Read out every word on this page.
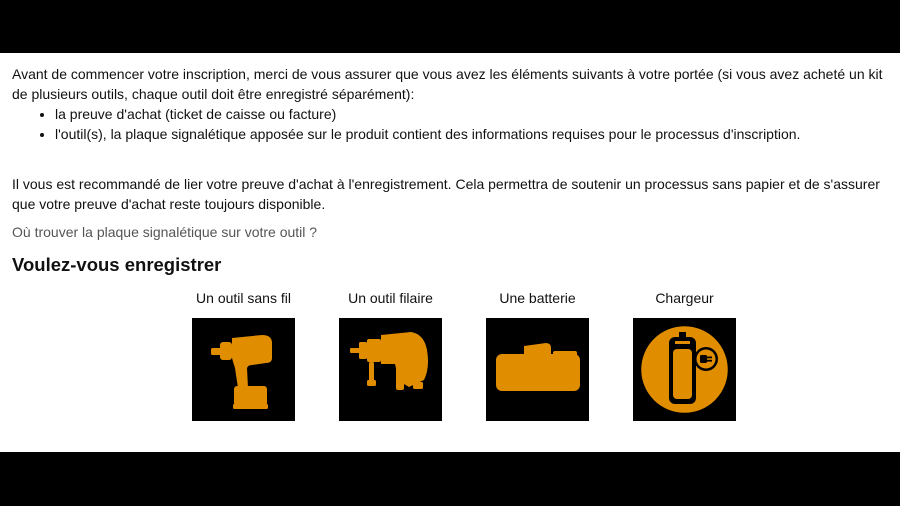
Avant de commencer votre inscription, merci de vous assurer que vous avez les éléments suivants à votre portée (si vous avez acheté un kit de plusieurs outils, chaque outil doit être enregistré séparément):

• la preuve d'achat (ticket de caisse ou facture)
• l'outil(s), la plaque signalétique apposée sur le produit contient des informations requises pour le processus d'inscription.

Il vous est recommandé de lier votre preuve d'achat à l'enregistrement. Cela permettra de soutenir un processus sans papier et de s'assurer que votre preuve d'achat reste toujours disponible.

Où trouver la plaque signalétique sur votre outil ?
Voulez-vous enregistrer
Un outil sans fil	Un outil filaire	Une batterie	Chargeur
